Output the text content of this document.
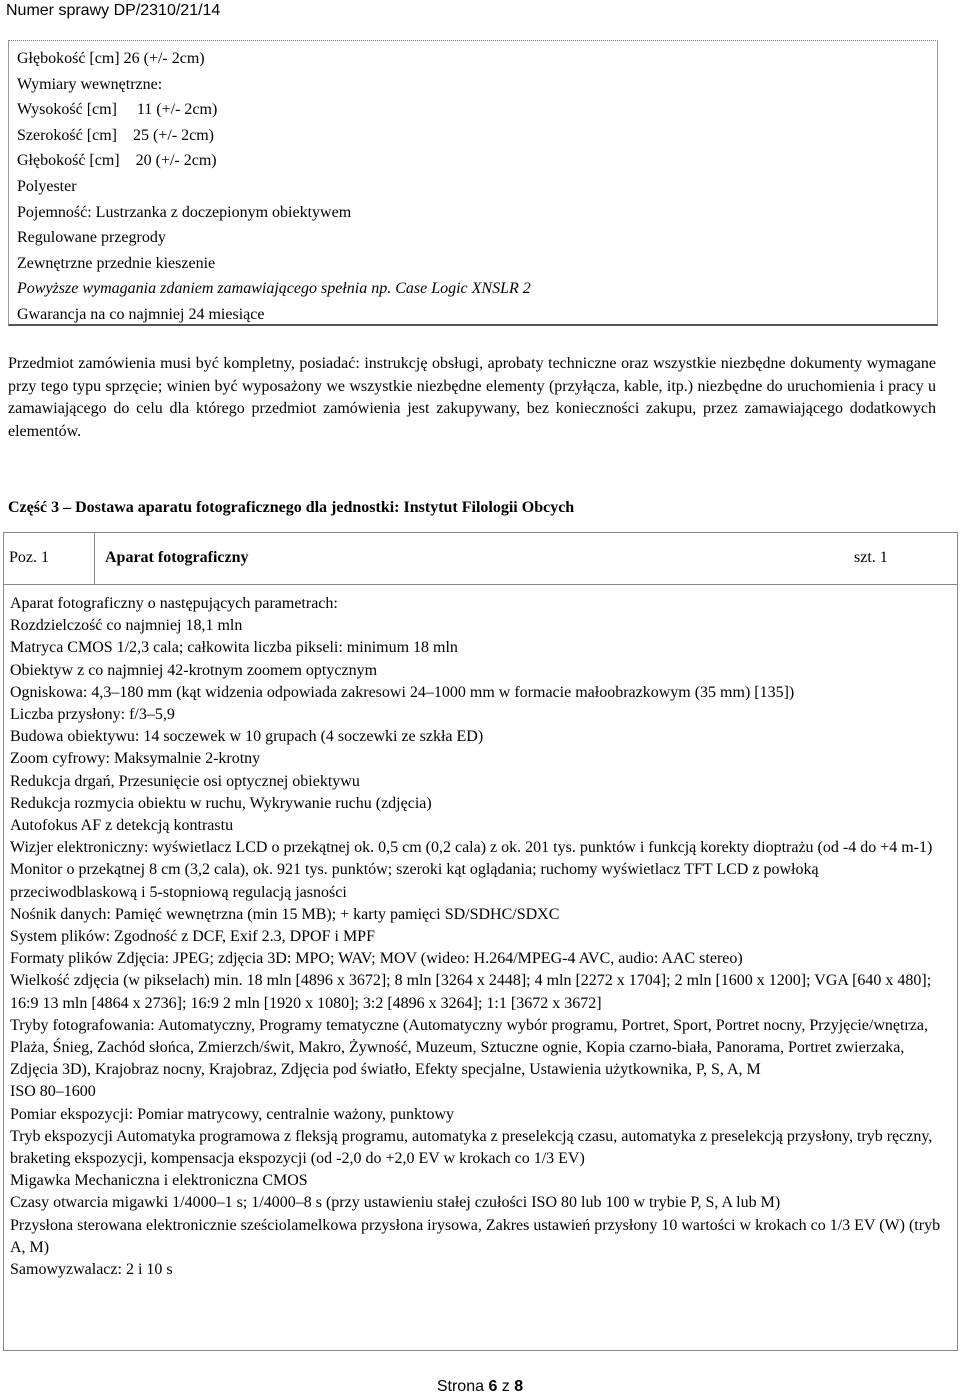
Numer sprawy DP/2310/21/14
Głębokość [cm] 26 (+/- 2cm)
Wymiary wewnętrzne:
Wysokość [cm]     11 (+/- 2cm)
Szerokość [cm]    25 (+/- 2cm)
Głębokość [cm]    20 (+/- 2cm)
Polyester
Pojemność: Lustrzanka z doczepionym obiektywem
Regulowane przegrody
Zewnętrzne przednie kieszenie
Powyższe wymagania zdaniem zamawiającego spełnia np. Case Logic XNSLR 2
Gwarancja na co najmniej 24 miesiące
Przedmiot zamówienia musi być kompletny, posiadać: instrukcję obsługi, aprobaty techniczne oraz wszystkie niezbędne dokumenty wymagane przy tego typu sprzęcie; winien być wyposażony we wszystkie niezbędne elementy (przyłącza, kable, itp.) niezbędne do uruchomienia i pracy u zamawiającego do celu dla którego przedmiot zamówienia jest zakupywany, bez konieczności zakupu, przez zamawiającego dodatkowych elementów.
Część 3 – Dostawa aparatu fotograficznego dla jednostki: Instytut Filologii Obcych
Poz. 1	Aparat fotograficzny	szt. 1
Aparat fotograficzny o następujących parametrach:
Rozdzielczość co najmniej 18,1 mln
Matryca CMOS 1/2,3 cala; całkowita liczba pikseli: minimum 18 mln
Obiektyw z co najmniej 42-krotnym zoomem optycznym
Ogniskowa: 4,3–180 mm (kąt widzenia odpowiada zakresowi 24–1000 mm w formacie małoobrazkowym (35 mm) [135])
Liczba przysłony: f/3–5,9
Budowa obiektywu: 14 soczewek w 10 grupach (4 soczewki ze szkła ED)
Zoom cyfrowy: Maksymalnie 2-krotny
Redukcja drgań, Przesunięcie osi optycznej obiektywu
Redukcja rozmycia obiektu w ruchu, Wykrywanie ruchu (zdjęcia)
Autofokus AF z detekcją kontrastu
Wizjer elektroniczny: wyświetlacz LCD o przekątnej ok. 0,5 cm (0,2 cala) z ok. 201 tys. punktów i funkcją korekty dioptrażu (od -4 do +4 m-1)
Monitor o przekątnej 8 cm (3,2 cala), ok. 921 tys. punktów; szeroki kąt oglądania; ruchomy wyświetlacz TFT LCD z powłoką przeciwodblaskową i 5-stopniową regulacją jasności
Nośnik danych: Pamięć wewnętrzna (min 15 MB); + karty pamięci SD/SDHC/SDXC
System plików: Zgodność z DCF, Exif 2.3, DPOF i MPF
Formaty plików Zdjęcia: JPEG; zdjęcia 3D: MPO; WAV; MOV (wideo: H.264/MPEG-4 AVC, audio: AAC stereo)
Wielkość zdjęcia (w pikselach) min. 18 mln [4896 x 3672]; 8 mln [3264 x 2448]; 4 mln [2272 x 1704]; 2 mln [1600 x 1200]; VGA [640 x 480]; 16:9 13 mln [4864 x 2736]; 16:9 2 mln [1920 x 1080]; 3:2 [4896 x 3264]; 1:1 [3672 x 3672]
Tryby fotografowania: Automatyczny, Programy tematyczne (Automatyczny wybór programu, Portret, Sport, Portret nocny, Przyjęcie/wnętrza, Plaża, Śnieg, Zachód słońca, Zmierzch/świt, Makro, Żywność, Muzeum, Sztuczne ognie, Kopia czarno-biała, Panorama, Portret zwierzaka, Zdjęcia 3D), Krajobraz nocny, Krajobraz, Zdjęcia pod światło, Efekty specjalne, Ustawienia użytkownika, P, S, A, M
ISO 80–1600
Pomiar ekspozycji: Pomiar matrycowy, centralnie ważony, punktowy
Tryb ekspozycji Automatyka programowa z fleksją programu, automatyka z preselekcją czasu, automatyka z preselekcją przysłony, tryb ręczny, braketing ekspozycji, kompensacja ekspozycji (od -2,0 do +2,0 EV w krokach co 1/3 EV)
Migawka Mechaniczna i elektroniczna CMOS
Czasy otwarcia migawki 1/4000–1 s; 1/4000–8 s (przy ustawieniu stałej czułości ISO 80 lub 100 w trybie P, S, A lub M)
Przysłona sterowana elektronicznie sześciolamelkowa przysłona irysowa, Zakres ustawień przysłony 10 wartości w krokach co 1/3 EV (W) (tryb A, M)
Samowyzwalacz: 2 i 10 s
Strona 6 z 8
